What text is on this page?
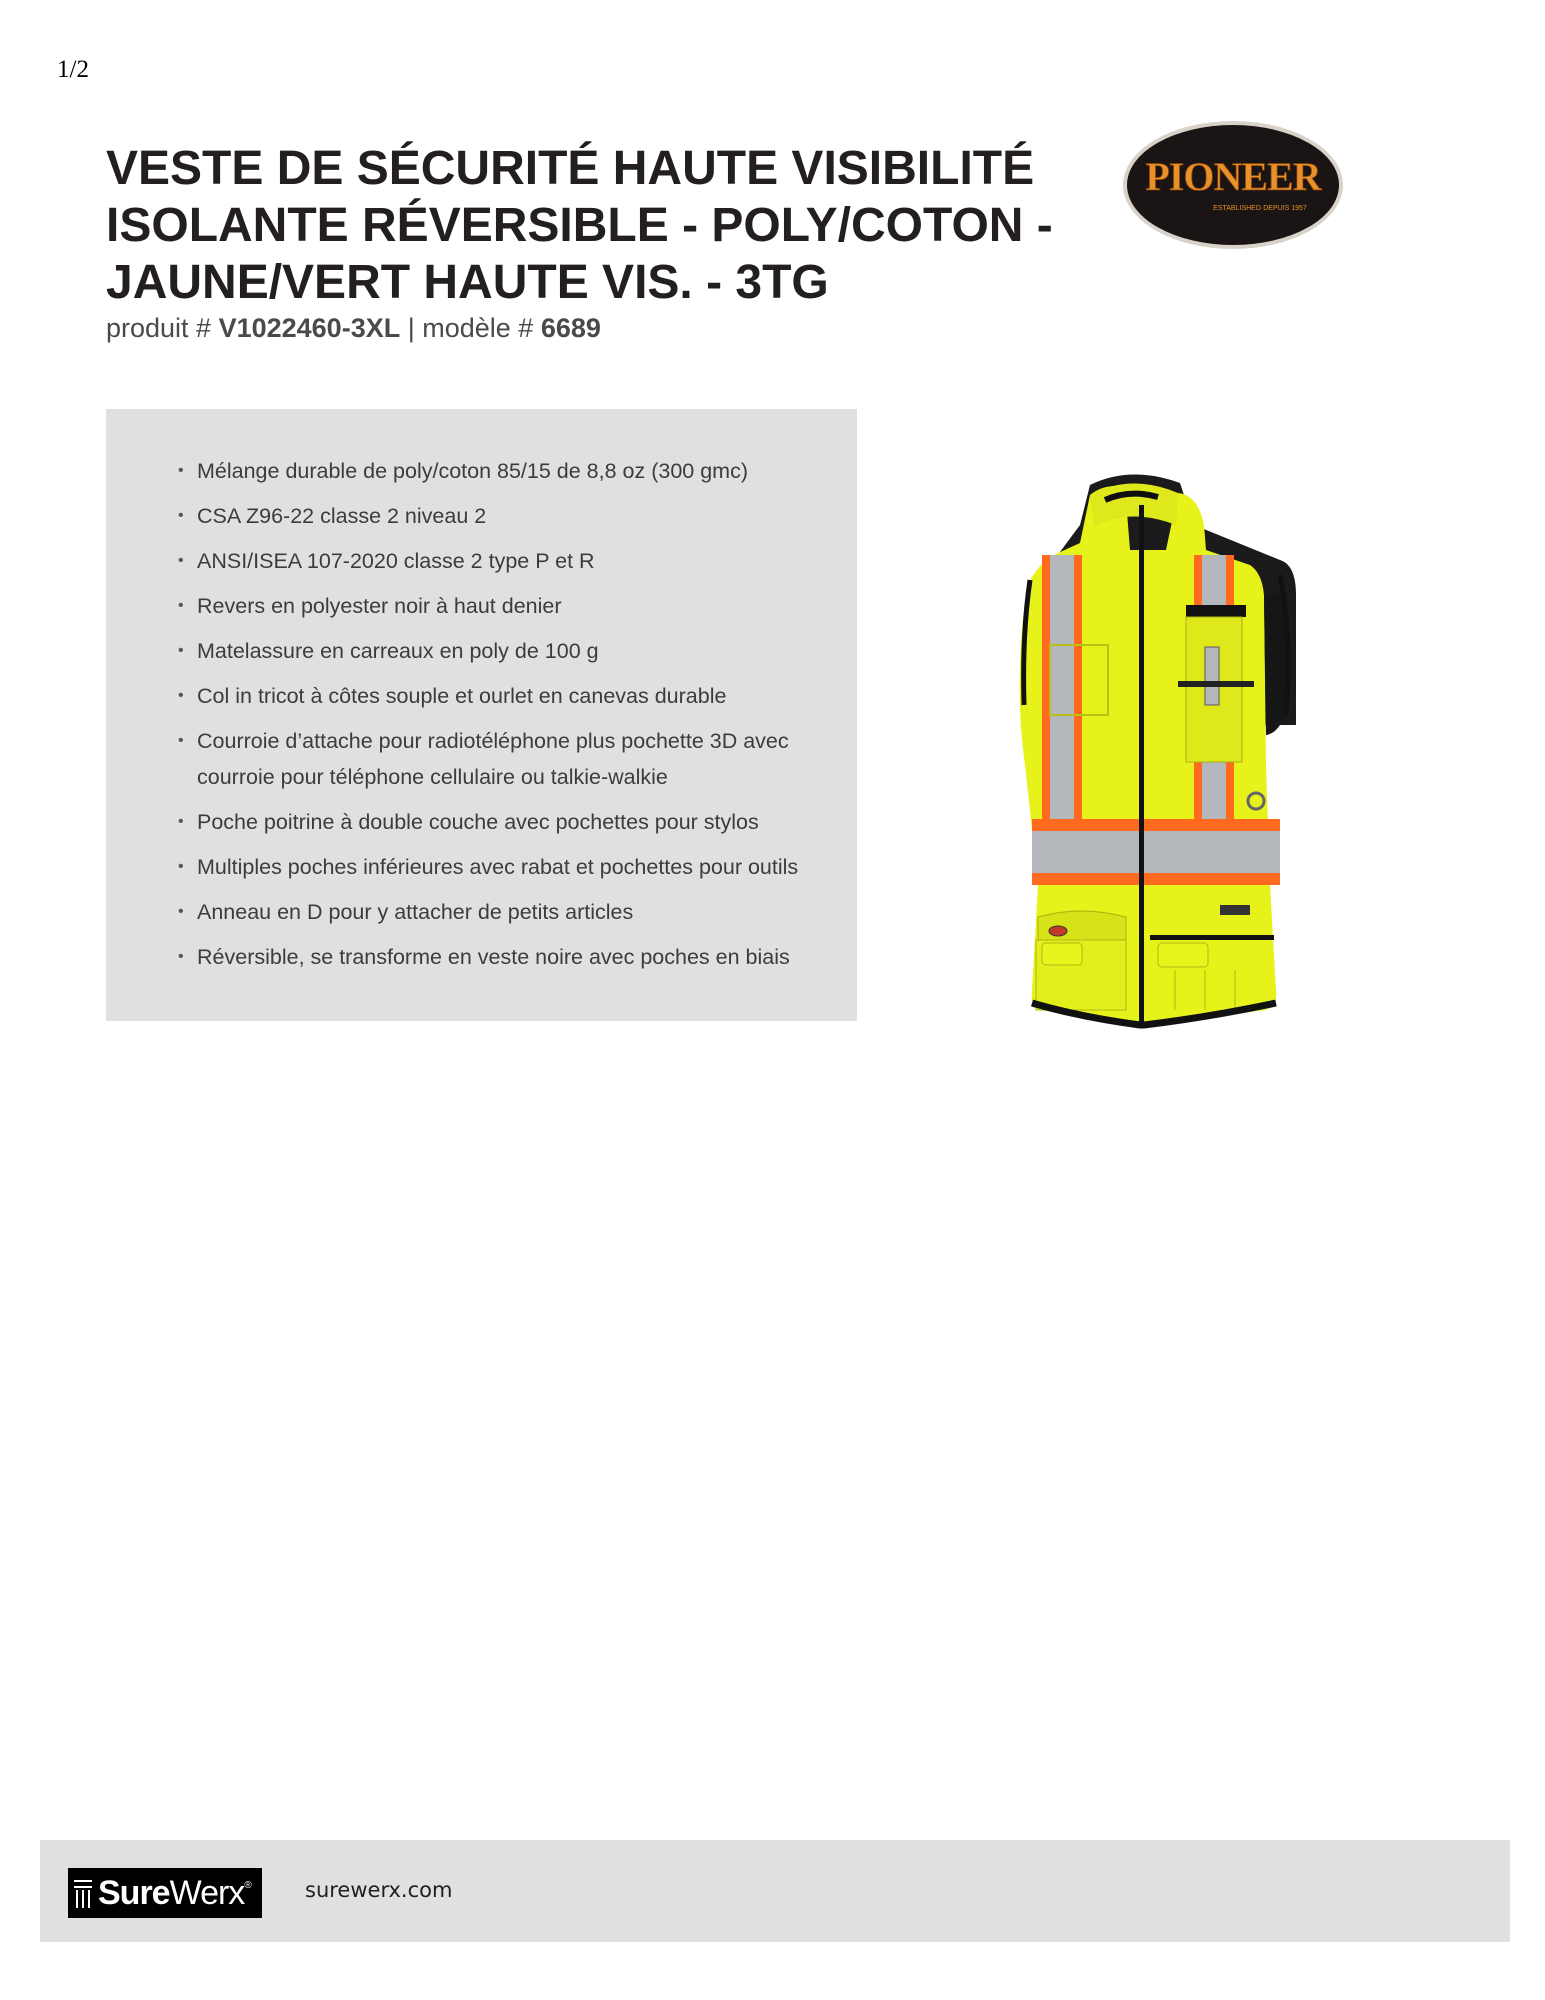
1/2
VESTE DE SÉCURITÉ HAUTE VISIBILITÉ ISOLANTE RÉVERSIBLE - POLY/COTON - JAUNE/VERT HAUTE VIS. - 3TG
produit # V1022460-3XL | modèle # 6689
PIONEER
ESTABLISHED·DEPUIS 1957
• Mélange durable de poly/coton 85/15 de 8,8 oz (300 gmc)
• CSA Z96-22 classe 2 niveau 2
• ANSI/ISEA 107-2020 classe 2 type P et R
• Revers en polyester noir à haut denier
• Matelassure en carreaux en poly de 100 g
• Col in tricot à côtes souple et ourlet en canevas durable
• Courroie d’attache pour radiotéléphone plus pochette 3D avec courroie pour téléphone cellulaire ou talkie-walkie
• Poche poitrine à double couche avec pochettes pour stylos
• Multiples poches inférieures avec rabat et pochettes pour outils
• Anneau en D pour y attacher de petits articles
• Réversible, se transforme en veste noire avec poches en biais
SureWerx ®	surewerx.com
